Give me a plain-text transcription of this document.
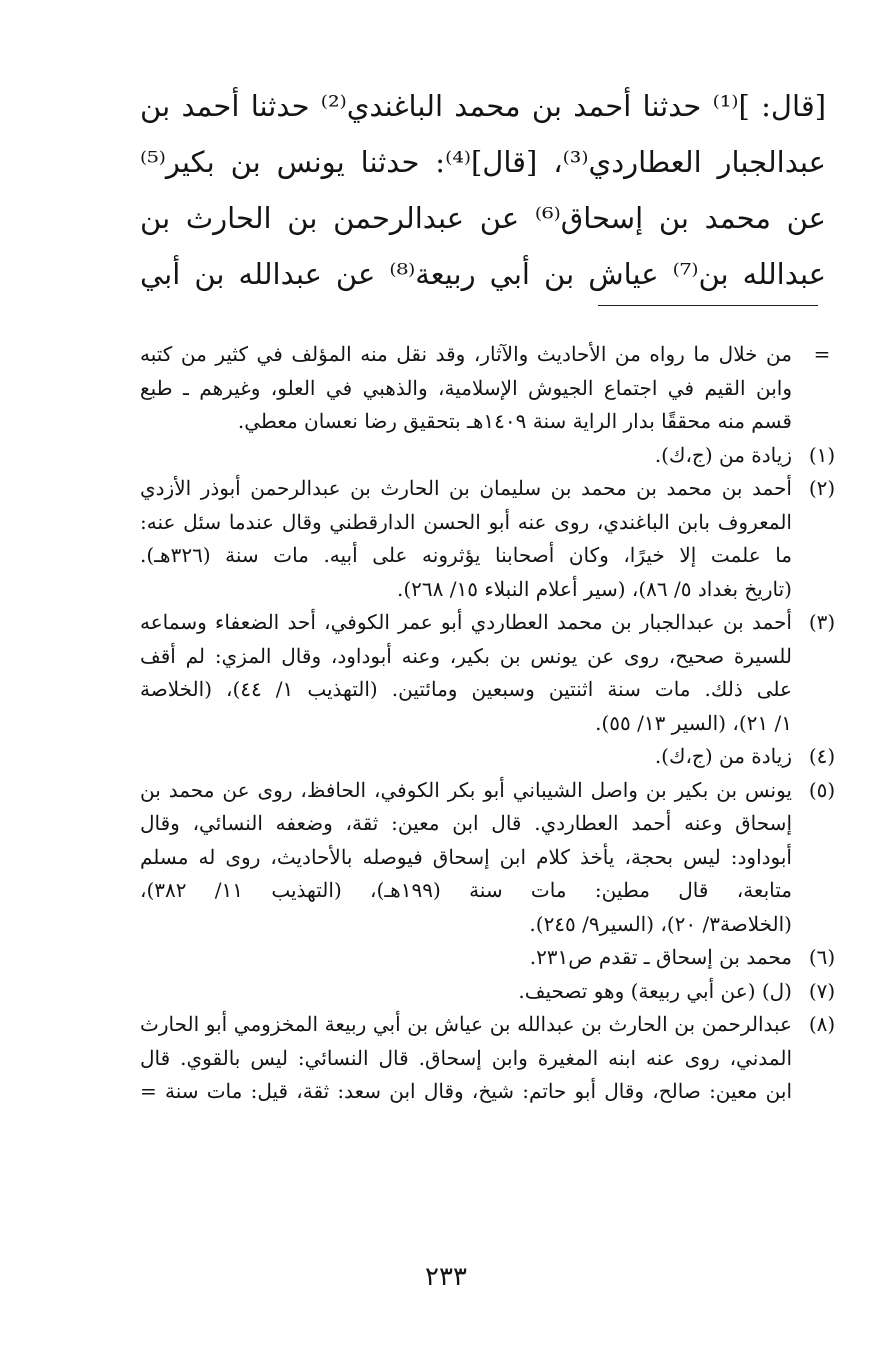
[قال: ]⁽¹⁾ حدثنا أحمد بن محمد الباغندي⁽²⁾ حدثنا أحمد بن
عبدالجبار العطاردي⁽³⁾، [قال]⁽⁴⁾: حدثنا يونس بن بكير⁽⁵⁾
عن محمد بن إسحاق⁽⁶⁾ عن عبدالرحمن بن الحارث بن
عبدالله بن⁽⁷⁾ عياش بن أبي ربيعة⁽⁸⁾ عن عبدالله بن أبي
=
من خلال ما رواه من الأحاديث والآثار، وقد نقل منه المؤلف في كثير من كتبه
وابن القيم في اجتماع الجيوش الإسلامية، والذهبي في العلو، وغيرهم ـ طبع
قسم منه محققًا بدار الراية سنة ١٤٠٩هـ بتحقيق رضا نعسان معطي.
(١)
زيادة من (ج،ك).
(٢)
أحمد بن محمد بن محمد بن سليمان بن الحارث بن عبدالرحمن أبوذر الأزدي
المعروف بابن الباغندي، روى عنه أبو الحسن الدارقطني وقال عندما سئل عنه:
ما علمت إلا خيرًا، وكان أصحابنا يؤثرونه على أبيه. مات سنة (٣٢٦هـ).
(تاريخ بغداد ٥/ ٨٦)، (سير أعلام النبلاء ١٥/ ٢٦٨).
(٣)
أحمد بن عبدالجبار بن محمد العطاردي أبو عمر الكوفي، أحد الضعفاء وسماعه
للسيرة صحيح، روى عن يونس بن بكير، وعنه أبوداود، وقال المزي: لم أقف
على ذلك. مات سنة اثنتين وسبعين ومائتين. (التهذيب ١/ ٤٤)، (الخلاصة
١/ ٢١)، (السير ١٣/ ٥٥).
(٤)
زيادة من (ج،ك).
(٥)
يونس بن بكير بن واصل الشيباني أبو بكر الكوفي، الحافظ، روى عن محمد بن
إسحاق وعنه أحمد العطاردي. قال ابن معين: ثقة، وضعفه النسائي، وقال
أبوداود: ليس بحجة، يأخذ كلام ابن إسحاق فيوصله بالأحاديث، روى له مسلم
متابعة، قال مطين: مات سنة (١٩٩هـ)، (التهذيب ١١/ ٣٨٢)،
(الخلاصة٣/ ٢٠)، (السير٩/ ٢٤٥).
(٦)
محمد بن إسحاق ـ تقدم ص٢٣١.
(٧)
(ل) (عن أبي ربيعة) وهو تصحيف.
(٨)
عبدالرحمن بن الحارث بن عبدالله بن عياش بن أبي ربيعة المخزومي أبو الحارث
المدني، روى عنه ابنه المغيرة وابن إسحاق. قال النسائي: ليس بالقوي. قال
ابن معين: صالح، وقال أبو حاتم: شيخ، وقال ابن سعد: ثقة، قيل: مات سنة =
٢٣٣
